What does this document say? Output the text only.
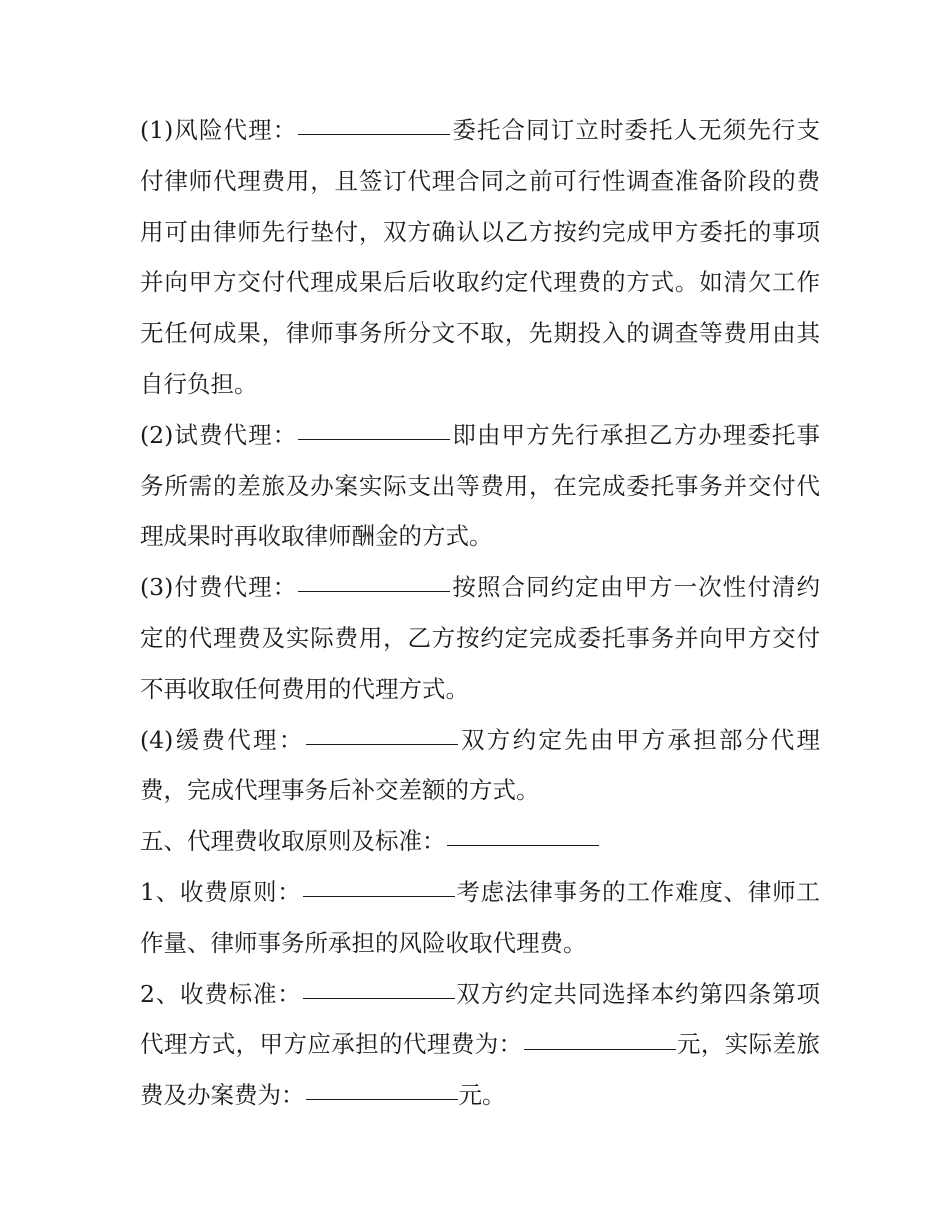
(1)风险代理：	委托合同订立时委托人无须先行支付律师代理费用，且签订代理合同之前可行性调查准备阶段的费用可由律师先行垫付，双方确认以乙方按约完成甲方委托的事项并向甲方交付代理成果后后收取约定代理费的方式。如清欠工作无任何成果，律师事务所分文不取，先期投入的调查等费用由其自行负担。

(2)试费代理：	即由甲方先行承担乙方办理委托事务所需的差旅及办案实际支出等费用，在完成委托事务并交付代理成果时再收取律师酬金的方式。

(3)付费代理：	按照合同约定由甲方一次性付清约定的代理费及实际费用，乙方按约定完成委托事务并向甲方交付不再收取任何费用的代理方式。

(4)缓费代理：	双方约定先由甲方承担部分代理费，完成代理事务后补交差额的方式。

五、代理费收取原则及标准：

1、收费原则：	考虑法律事务的工作难度、律师工作量、律师事务所承担的风险收取代理费。

2、收费标准：	双方约定共同选择本约第四条第项代理方式，甲方应承担的代理费为：	元，实际差旅费及办案费为：	元。
